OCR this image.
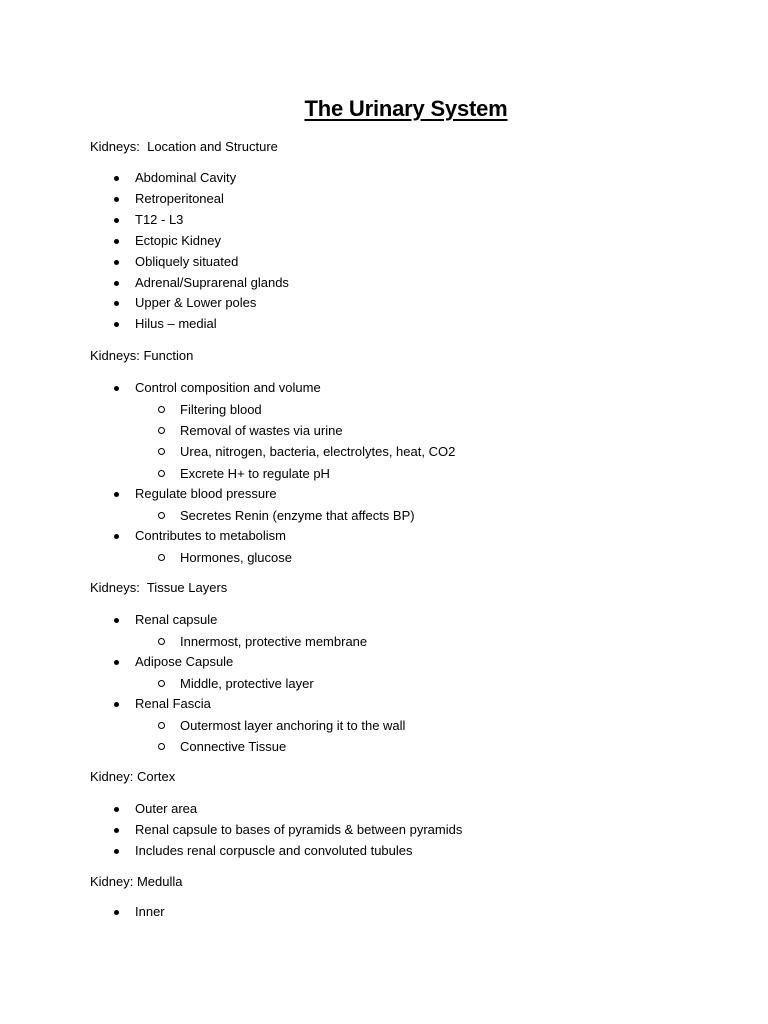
The Urinary System
Kidneys:  Location and Structure
Abdominal Cavity
Retroperitoneal
T12 - L3
Ectopic Kidney
Obliquely situated
Adrenal/Suprarenal glands
Upper & Lower poles
Hilus – medial
Kidneys: Function
Control composition and volume
Filtering blood
Removal of wastes via urine
Urea, nitrogen, bacteria, electrolytes, heat, CO2
Excrete H+ to regulate pH
Regulate blood pressure
Secretes Renin (enzyme that affects BP)
Contributes to metabolism
Hormones, glucose
Kidneys:  Tissue Layers
Renal capsule
Innermost, protective membrane
Adipose Capsule
Middle, protective layer
Renal Fascia
Outermost layer anchoring it to the wall
Connective Tissue
Kidney: Cortex
Outer area
Renal capsule to bases of pyramids & between pyramids
Includes renal corpuscle and convoluted tubules
Kidney: Medulla
Inner
